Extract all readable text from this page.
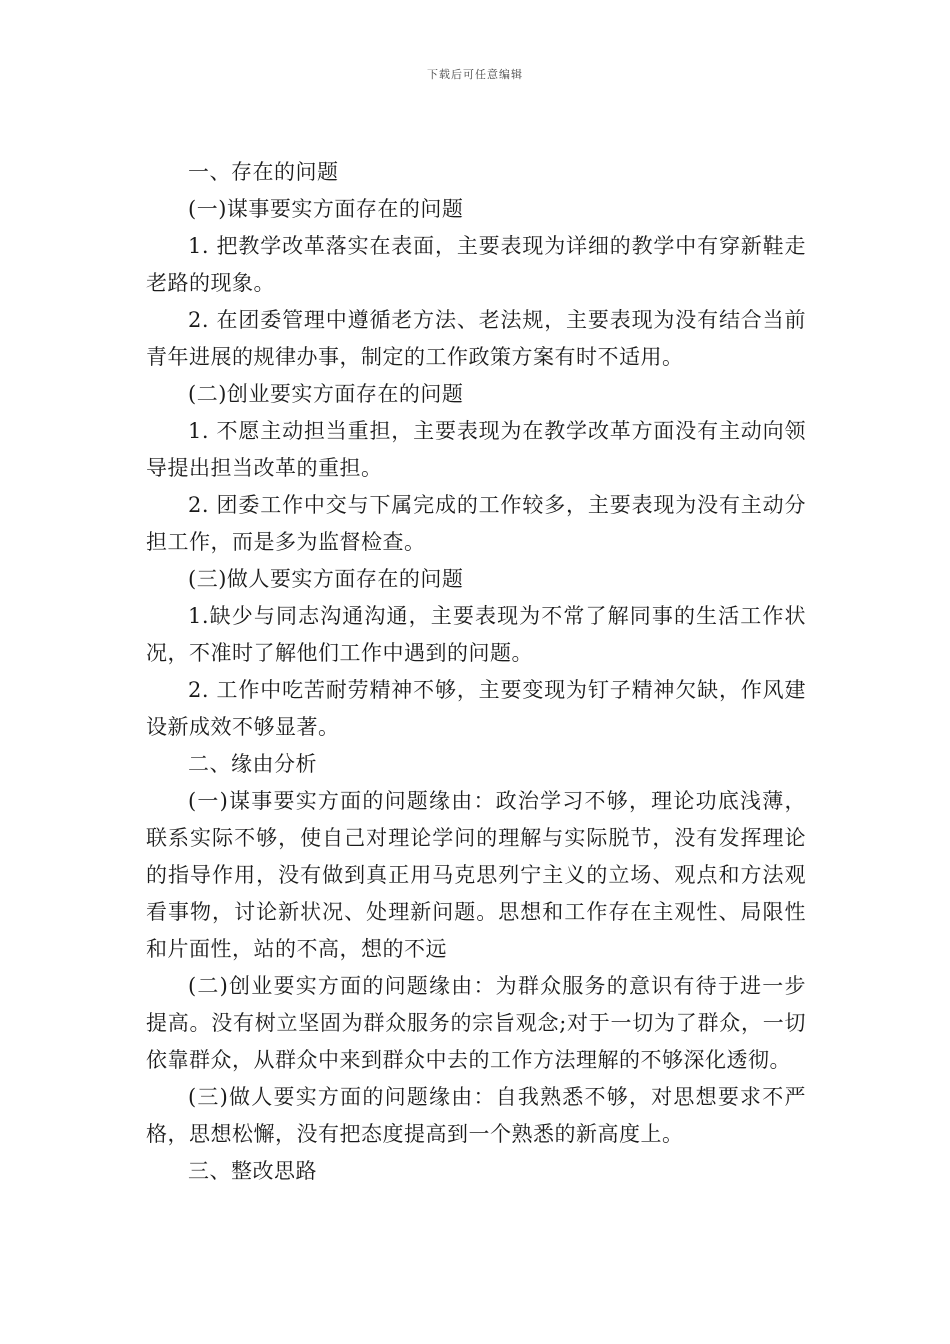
下载后可任意编辑

一、存在的问题

(一)谋事要实方面存在的问题

1. 把教学改革落实在表面，主要表现为详细的教学中有穿新鞋走老路的现象。

2. 在团委管理中遵循老方法、老法规，主要表现为没有结合当前青年进展的规律办事，制定的工作政策方案有时不适用。

(二)创业要实方面存在的问题

1. 不愿主动担当重担，主要表现为在教学改革方面没有主动向领导提出担当改革的重担。

2. 团委工作中交与下属完成的工作较多，主要表现为没有主动分担工作，而是多为监督检查。

(三)做人要实方面存在的问题

1.缺少与同志沟通沟通，主要表现为不常了解同事的生活工作状况，不准时了解他们工作中遇到的问题。

2. 工作中吃苦耐劳精神不够，主要变现为钉子精神欠缺，作风建设新成效不够显著。

二、缘由分析

(一)谋事要实方面的问题缘由：政治学习不够，理论功底浅薄，联系实际不够，使自己对理论学问的理解与实际脱节，没有发挥理论的指导作用，没有做到真正用马克思列宁主义的立场、观点和方法观看事物，讨论新状况、处理新问题。思想和工作存在主观性、局限性和片面性，站的不高，想的不远

(二)创业要实方面的问题缘由：为群众服务的意识有待于进一步提高。没有树立坚固为群众服务的宗旨观念;对于一切为了群众，一切依靠群众，从群众中来到群众中去的工作方法理解的不够深化透彻。

(三)做人要实方面的问题缘由：自我熟悉不够，对思想要求不严格，思想松懈，没有把态度提高到一个熟悉的新高度上。

三、整改思路
